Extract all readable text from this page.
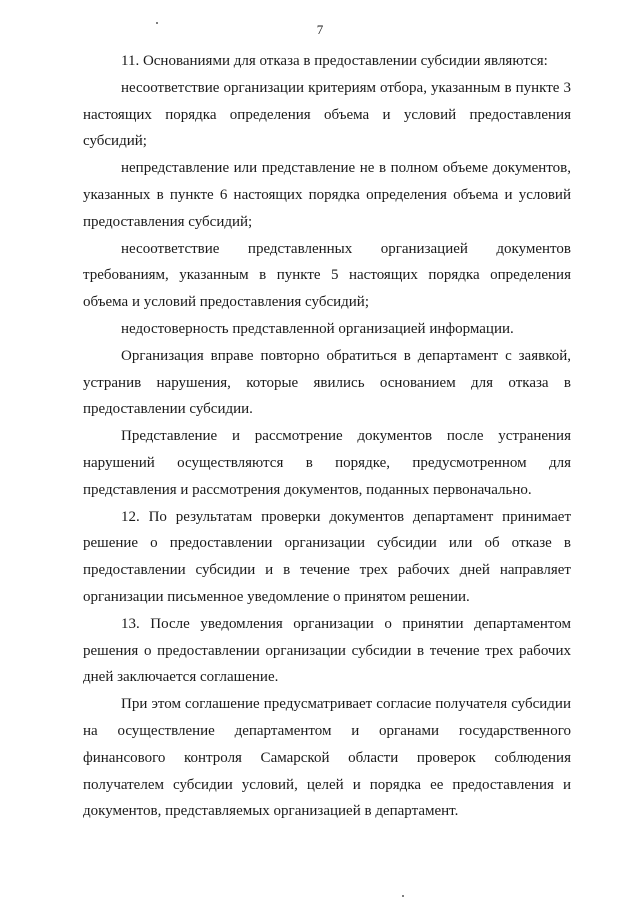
7

11. Основаниями для отказа в предоставлении субсидии являются:

несоответствие организации критериям отбора, указанным в пункте 3 настоящих порядка определения объема и условий предоставления субсидий;

непредставление или представление не в полном объеме документов, указанных в пункте 6 настоящих порядка определения объема и условий предоставления субсидий;

несоответствие представленных организацией документов требованиям, указанным в пункте 5 настоящих порядка определения объема и условий предоставления субсидий;

недостоверность представленной организацией информации.

Организация вправе повторно обратиться в департамент с заявкой, устранив нарушения, которые явились основанием для отказа в предоставлении субсидии.

Представление и рассмотрение документов после устранения нарушений осуществляются в порядке, предусмотренном для представления и рассмотрения документов, поданных первоначально.

12. По результатам проверки документов департамент принимает решение о предоставлении организации субсидии или об отказе в предоставлении субсидии и в течение трех рабочих дней направляет организации письменное уведомление о принятом решении.

13. После уведомления организации о принятии департаментом решения о предоставлении организации субсидии в течение трех рабочих дней заключается соглашение.

При этом соглашение предусматривает согласие получателя субсидии на осуществление департаментом и органами государственного финансового контроля Самарской области проверок соблюдения получателем субсидии условий, целей и порядка ее предоставления и документов, представляемых организацией в департамент.
